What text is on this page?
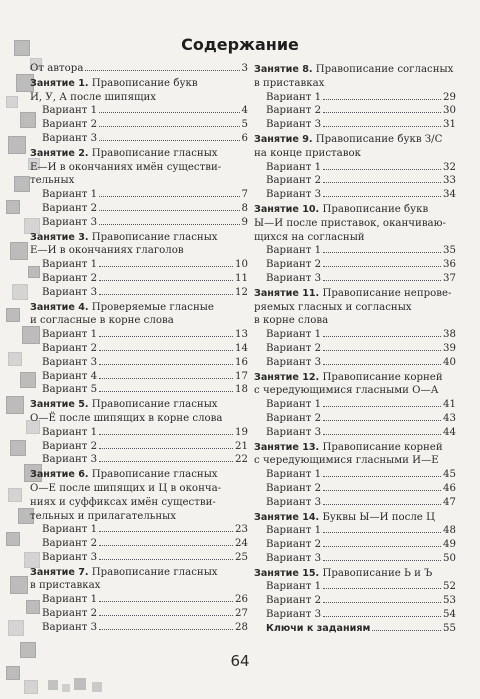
Содержание
От автора	3
Занятие 1. Правописание букв
И, У, А после шипящих
Вариант 1	4
Вариант 2	5
Вариант 3	6
Занятие 2. Правописание гласных
Е—И в окончаниях имён существи-
тельных
Вариант 1	7
Вариант 2	8
Вариант 3	9
Занятие 3. Правописание гласных
Е—И в окончаниях глаголов
Вариант 1	10
Вариант 2	11
Вариант 3	12
Занятие 4. Проверяемые гласные
и согласные в корне слова
Вариант 1	13
Вариант 2	14
Вариант 3	16
Вариант 4	17
Вариант 5	18
Занятие 5. Правописание гласных
О—Ё после шипящих в корне слова
Вариант 1	19
Вариант 2	21
Вариант 3	22
Занятие 6. Правописание гласных
О—Е после шипящих и Ц в оконча-
ниях и суффиксах имён существи-
тельных и прилагательных
Вариант 1	23
Вариант 2	24
Вариант 3	25
Занятие 7. Правописание гласных
в приставках
Вариант 1	26
Вариант 2	27
Вариант 3	28
Занятие 8. Правописание согласных
в приставках
Вариант 1	29
Вариант 2	30
Вариант 3	31
Занятие 9. Правописание букв З/С
на конце приставок
Вариант 1	32
Вариант 2	33
Вариант 3	34
Занятие 10. Правописание букв
Ы—И после приставок, оканчиваю-
щихся на согласный
Вариант 1	35
Вариант 2	36
Вариант 3	37
Занятие 11. Правописание непрове-
ряемых гласных и согласных
в корне слова
Вариант 1	38
Вариант 2	39
Вариант 3	40
Занятие 12. Правописание корней
с чередующимися гласными О—А
Вариант 1	41
Вариант 2	43
Вариант 3	44
Занятие 13. Правописание корней
с чередующимися гласными И—Е
Вариант 1	45
Вариант 2	46
Вариант 3	47
Занятие 14. Буквы Ы—И после Ц
Вариант 1	48
Вариант 2	49
Вариант 3	50
Занятие 15. Правописание Ь и Ъ
Вариант 1	52
Вариант 2	53
Вариант 3	54
Ключи к заданиям	55
64
